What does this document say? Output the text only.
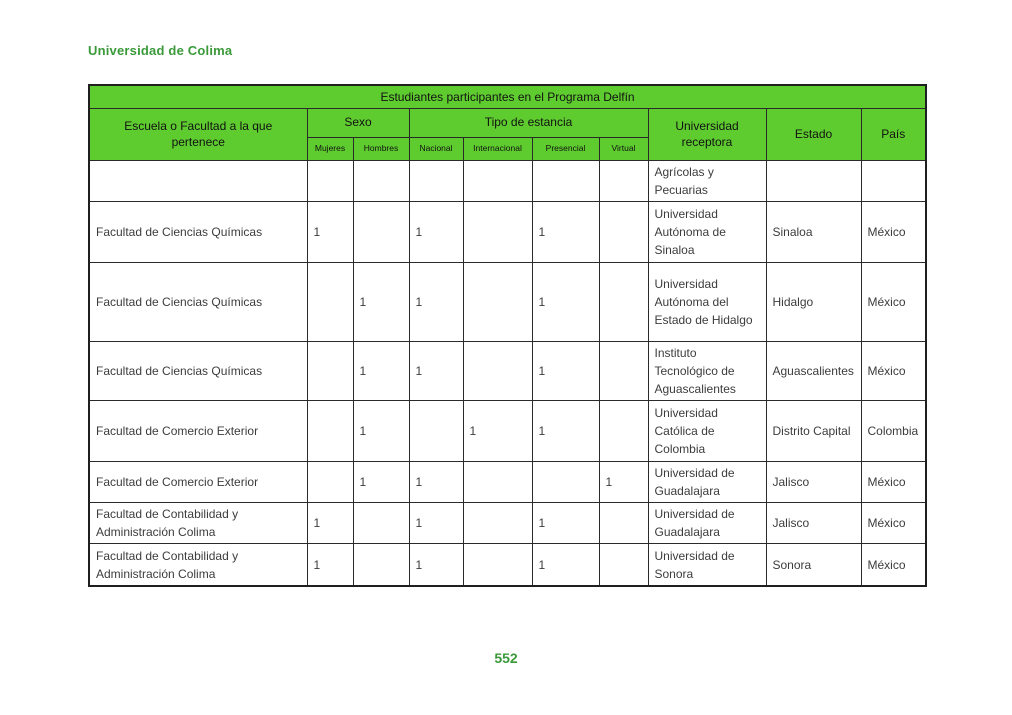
Universidad de Colima
Estudiantes participantes en el Programa Delfín									
Escuela o Facultad a la que pertenece	Sexo		Tipo de estancia				Universidad receptora	Estado	País
	Mujeres	Hombres	Nacional	Internacional	Presencial	Virtual			
							Agrícolas y Pecuarias		
Facultad de Ciencias Químicas	1		1		1		Universidad Autónoma de Sinaloa	Sinaloa	México
Facultad de Ciencias Químicas		1	1		1		Universidad Autónoma del Estado de Hidalgo	Hidalgo	México
Facultad de Ciencias Químicas		1	1		1		Instituto Tecnológico de Aguascalientes	Aguascalientes	México
Facultad de Comercio Exterior		1		1	1		Universidad Católica de Colombia	Distrito Capital	Colombia
Facultad de Comercio Exterior		1	1			1	Universidad de Guadalajara	Jalisco	México
Facultad de Contabilidad y Administración Colima	1		1		1		Universidad de Guadalajara	Jalisco	México
Facultad de Contabilidad y Administración Colima	1		1		1		Universidad de Sonora	Sonora	México
552
